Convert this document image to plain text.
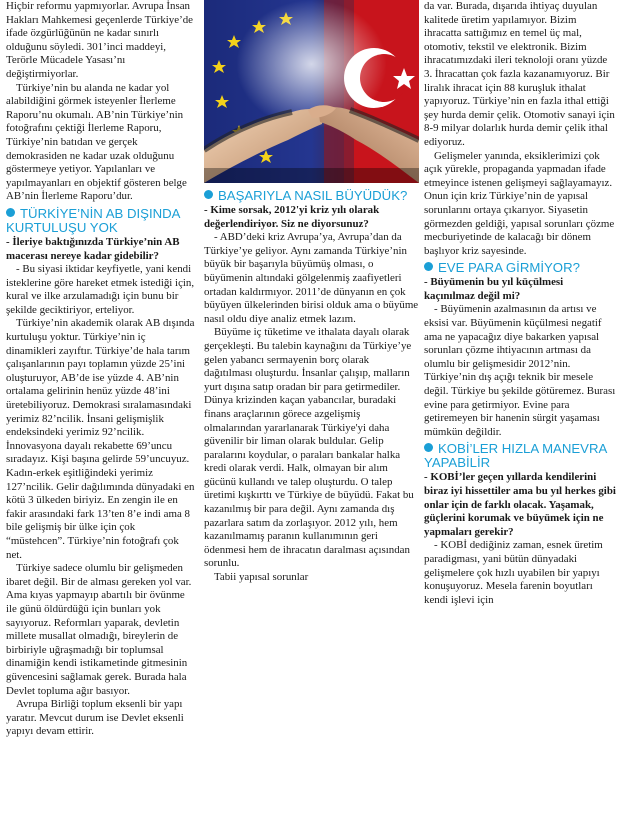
Hiçbir reformu yapmıyorlar. Avrupa İnsan Hakları Mahkemesi geçenlerde Türkiye’de ifade özgürlüğünün ne kadar sınırlı olduğunu söyledi. 301’inci maddeyi, Terörle Mücadele Yasası’nı değiştirmiyorlar.

Türkiye’nin bu alanda ne kadar yol alabildiğini görmek isteyenler İlerleme Raporu’nu okumalı. AB’nin Türkiye’nin fotoğrafını çektiği İlerleme Raporu, Türkiye’nin batıdan ve gerçek demokrasiden ne kadar uzak olduğunu göstermeye yetiyor. Yapılanları ve yapılmayanları en objektif gösteren belge AB’nin İlerleme Raporu’dur.

TÜRKİYE’NİN AB DIŞINDA KURTULUŞU YOK

- İleriye baktığınızda Türkiye’nin AB macerası nereye kadar gidebilir?

- Bu siyasi iktidar keyfiyetle, yani kendi isteklerine göre hareket etmek istediği için, kural ve ilke arzulamadığı için bunu bir şekilde geciktiriyor, erteliyor.

Türkiye’nin akademik olarak AB dışında kurtuluşu yoktur. Türkiye’nin iç dinamikleri zayıftır. Türkiye’de hala tarım çalışanlarının payı toplamın yüzde 25’ini oluşturuyor, AB’de ise yüzde 4. AB’nin ortalama gelirinin henüz yüzde 48’ini üretebiliyoruz. Demokrasi sıralamasındaki yerimiz 82’ncilik. İnsani gelişmişlik endeksindeki yerimiz 92’ncilik. İnnovasyona dayalı rekabette 69’uncu sıradayız. Kişi başına gelirde 59’uncuyuz. Kadın-erkek eşitliğindeki yerimiz 127’ncilik. Gelir dağılımında dünyadaki en kötü 3 ülkeden biriyiz. En zengin ile en fakir arasındaki fark 13’ten 8’e indi ama 8 bile gelişmiş bir ülke için çok “müstehcen”. Türkiye’nin fotoğrafı çok net.

Türkiye sadece olumlu bir gelişmeden ibaret değil. Bir de alması gereken yol var. Ama kıyas yapmayıp abartılı bir övünme ile günü öldürdüğü için bunları yok sayıyoruz. Reformları yaparak, devletin millete musallat olmadığı, bireylerin de birbiriyle uğraşmadığı bir toplumsal dinamiğin kendi istikametinde gitmesinin güvencesini sağlamak gerek. Burada hala Devlet topluma ağır basıyor.

Avrupa Birliği toplum eksenli bir yapı yaratır. Mevcut durum ise Devlet eksenli yapıyı devam ettirir.

BAŞARIYLA NASIL BÜYÜDÜK?

- Kime sorsak, 2012'yi kriz yılı olarak değerlendiriyor. Siz ne diyorsunuz?

- ABD’deki kriz Avrupa’ya, Avrupa’dan da Türkiye’ye geliyor. Aynı zamanda Türkiye’nin büyük bir başarıyla büyümüş olması, o büyümenin altındaki gölgelenmiş zaafiyetleri ortadan kaldırmıyor. 2011’de dünyanın en çok büyüyen ülkelerinden birisi olduk ama o büyüme nasıl oldu diye analiz etmek lazım.

Büyüme iç tüketime ve ithalata dayalı olarak gerçekleşti. Bu talebin kaynağını da Türkiye’ye gelen yabancı sermayenin borç olarak dağıtılması oluşturdu. İnsanlar çalışıp, malların yurt dışına satıp oradan bir para getirmediler. Dünya krizinden kaçan yabancılar, buradaki finans araçlarının görece azgelişmiş olmalarından yararlanarak Türkiye'yi daha güvenilir bir liman olarak buldular. Gelip paralarını koydular, o paraları bankalar halka kredi olarak verdi. Halk, olmayan bir alım gücünü kullandı ve talep oluşturdu. O talep üretimi kışkırttı ve Türkiye de büyüdü. Fakat bu kazanılmış bir para değil. Aynı zamanda dış pazarlara satım da zorlaşıyor. 2012 yılı, hem kazanılmamış paranın kullanımının geri ödenmesi hem de ihracatın daralması açısından sorunlu.

Tabii yapısal sorunlar

da var. Burada, dışarıda ihtiyaç duyulan kalitede üretim yapılamıyor. Bizim ihracatta sattığımız en temel üç mal, otomotiv, tekstil ve elektronik. Bizim ihracatımızdaki ileri teknoloji oranı yüzde 3. İhracattan çok fazla kazanamıyoruz. Bir liralık ihracat için 88 kuruşluk ithalat yapıyoruz. Türkiye’nin en fazla ithal ettiği şey hurda demir çelik. Otomotiv sanayi için 8-9 milyar dolarlık hurda demir çelik ithal ediyoruz.

Gelişmeler yanında, eksiklerimizi çok açık yürekle, propaganda yapmadan ifade etmeyince istenen gelişmeyi sağlayamayız. Onun için kriz Türkiye’nin de yapısal sorunlarını ortaya çıkarıyor. Siyasetin görmezden geldiği, yapısal sorunları çözme mecburiyetinde de kalacağı bir dönem başlıyor kriz sayesinde.

EVE PARA GİRMİYOR?

- Büyümenin bu yıl küçülmesi kaçınılmaz değil mi?

- Büyümenin azalmasının da artısı ve eksisi var. Büyümenin küçülmesi negatif ama ne yapacağız diye bakarken yapısal sorunları çözme ihtiyacının artması da olumlu bir gelişmesidir 2012’nin. Türkiye’nin dış açığı teknik bir mesele değil. Türkiye bu şekilde götüremez. Burası evine para getirmiyor. Evine para getiremeyen bir hanenin sürgit yaşaması mümkün değildir.

KOBİ’LER HIZLA MANEVRA YAPABİLİR

- KOBİ’ler geçen yıllarda kendilerini biraz iyi hissettiler ama bu yıl herkes gibi onlar için de farklı olacak. Yaşamak, güçlerini korumak ve büyümek için ne yapmaları gerekir?

- KOBİ dediğiniz zaman, esnek üretim paradigması, yani bütün dünyadaki gelişmelere çok hızlı uyabilen bir yapıyı konuşuyoruz. Mesela farenin boyutları kendi işlevi için
